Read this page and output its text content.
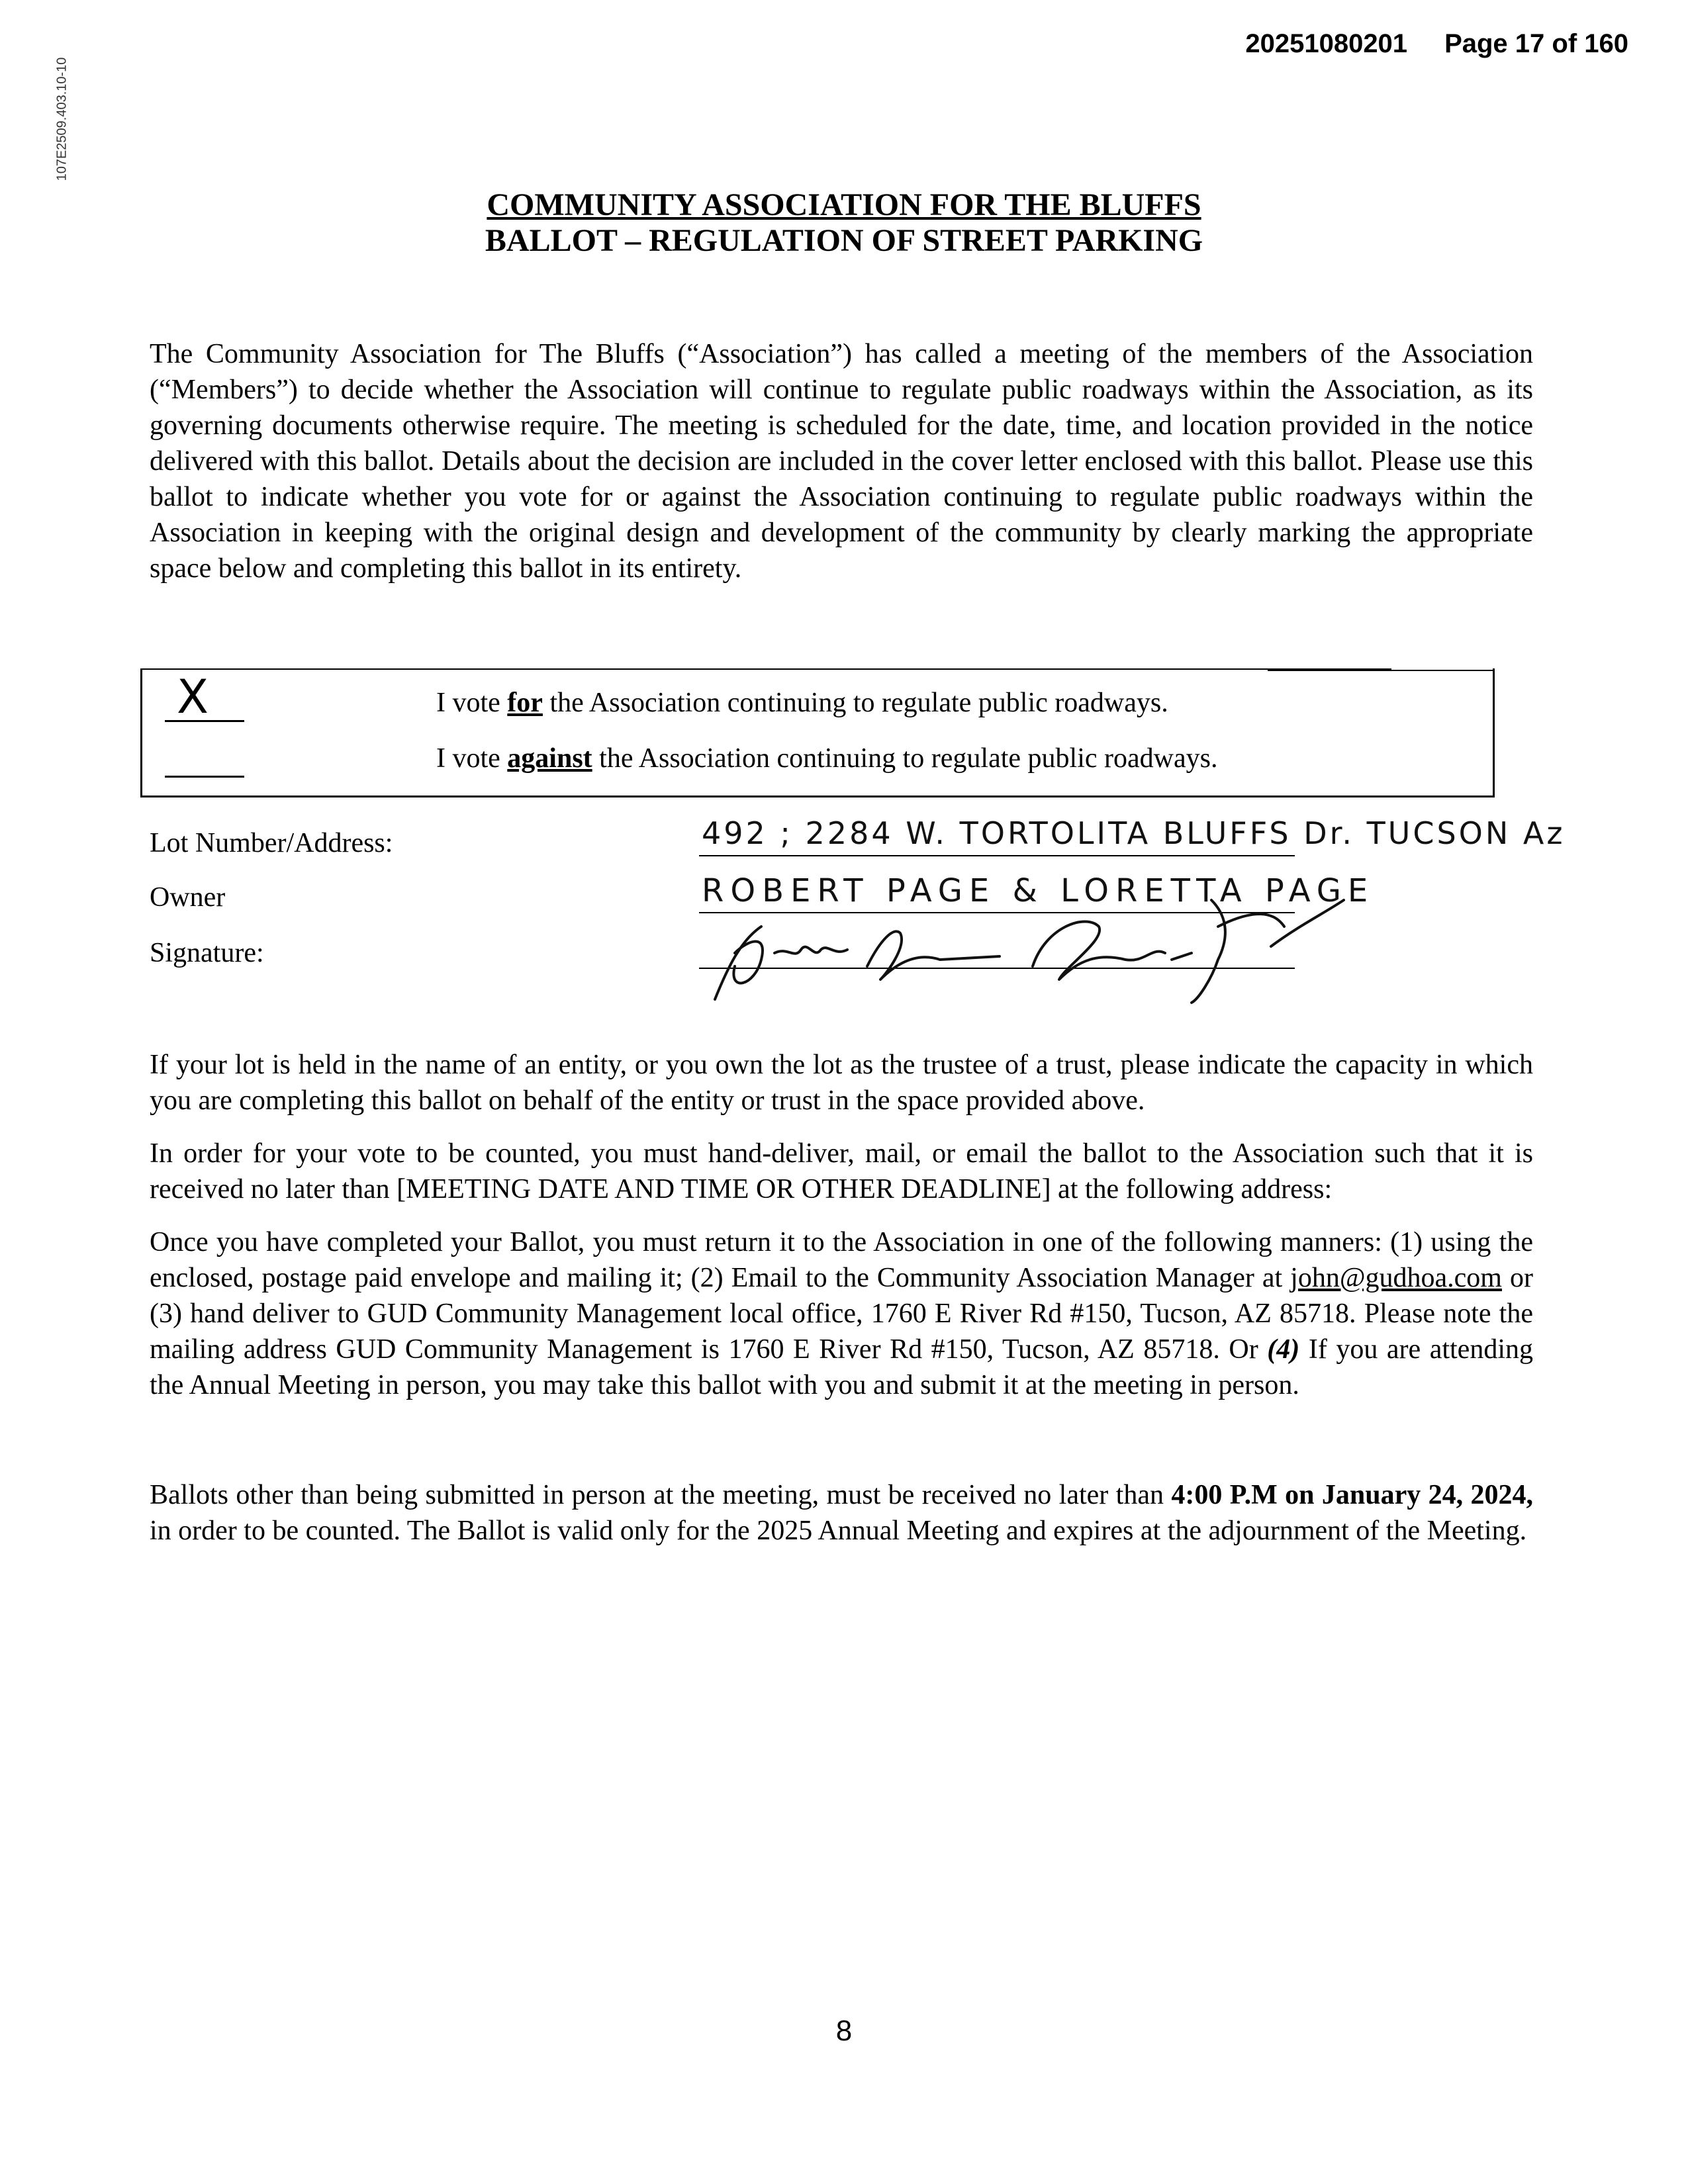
20251080201 Page 17 of 160
107E2509.403.10-10
COMMUNITY ASSOCIATION FOR THE BLUFFS
BALLOT – REGULATION OF STREET PARKING

The Community Association for The Bluffs (“Association”) has called a meeting of the members of the Association (“Members”) to decide whether the Association will continue to regulate public roadways within the Association, as its governing documents otherwise require. The meeting is scheduled for the date, time, and location provided in the notice delivered with this ballot. Details about the decision are included in the cover letter enclosed with this ballot. Please use this ballot to indicate whether you vote for or against the Association continuing to regulate public roadways within the Association in keeping with the original design and development of the community by clearly marking the appropriate space below and completing this ballot in its entirety.

X	I vote for the Association continuing to regulate public roadways.
I vote against the Association continuing to regulate public roadways.
Lot Number/Address:	492 ; 2284 W. TORTOLITA BLUFFS Dr. TUCSON Az
Owner	ROBERT PAGE & LORETTA PAGE
Signature:

If your lot is held in the name of an entity, or you own the lot as the trustee of a trust, please indicate the capacity in which you are completing this ballot on behalf of the entity or trust in the space provided above.

In order for your vote to be counted, you must hand-deliver, mail, or email the ballot to the Association such that it is received no later than [MEETING DATE AND TIME OR OTHER DEADLINE] at the following address:

Once you have completed your Ballot, you must return it to the Association in one of the following manners: (1) using the enclosed, postage paid envelope and mailing it; (2) Email to the Community Association Manager at john@gudhoa.com or (3) hand deliver to GUD Community Management local office, 1760 E River Rd #150, Tucson, AZ 85718. Please note the mailing address GUD Community Management is 1760 E River Rd #150, Tucson, AZ 85718. Or (4) If you are attending the Annual Meeting in person, you may take this ballot with you and submit it at the meeting in person.

Ballots other than being submitted in person at the meeting, must be received no later than 4:00 P.M on January 24, 2024, in order to be counted. The Ballot is valid only for the 2025 Annual Meeting and expires at the adjournment of the Meeting.

8
